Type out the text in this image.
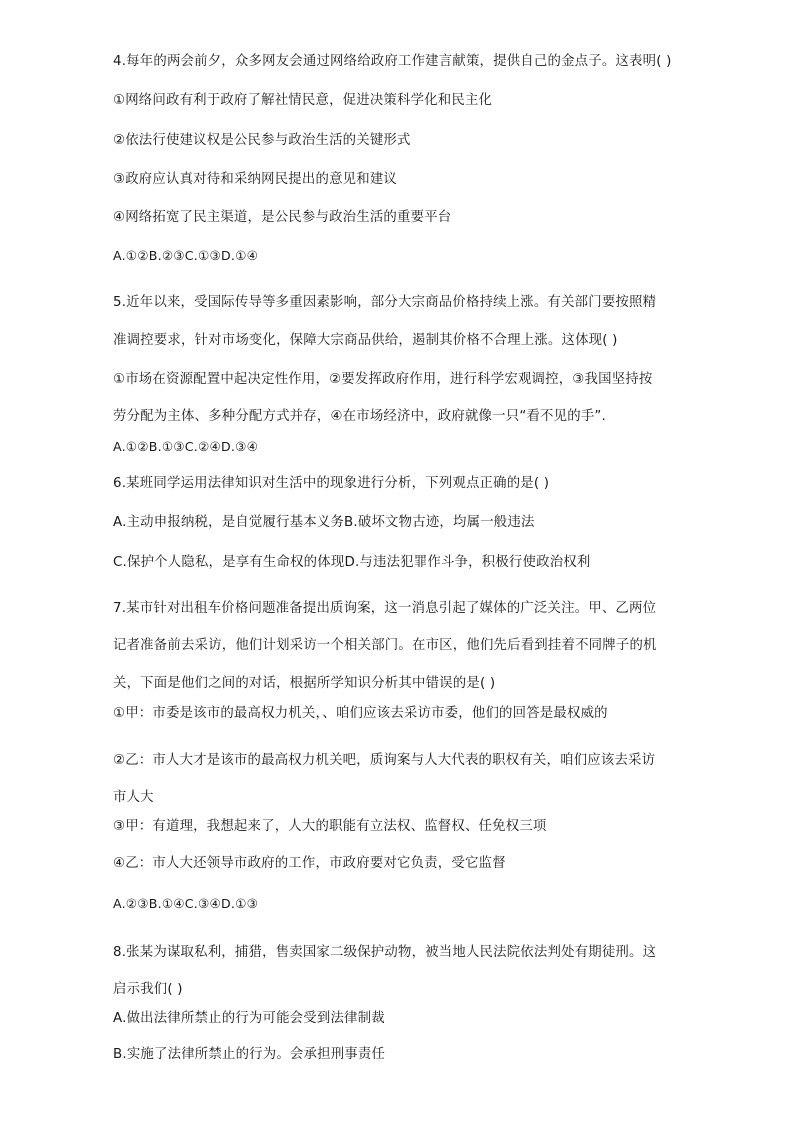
4.每年的两会前夕，众多网友会通过网络给政府工作建言献策，提供自己的金点子。这表明( )
①网络问政有利于政府了解社情民意，促进决策科学化和民主化
②依法行使建议权是公民参与政治生活的关键形式
③政府应认真对待和采纳网民提出的意见和建议
④网络拓宽了民主渠道，是公民参与政治生活的重要平台
A.①②B.②③C.①③D.①④
5.近年以来，受国际传导等多重因素影响，部分大宗商品价格持续上涨。有关部门要按照精
准调控要求，针对市场变化，保障大宗商品供给，遏制其价格不合理上涨。这体现( )
①市场在资源配置中起决定性作用，②要发挥政府作用，进行科学宏观调控，③我国坚持按
劳分配为主体、多种分配方式并存，④在市场经济中，政府就像一只“看不见的手”.
A.①②B.①③C.②④D.③④
6.某班同学运用法律知识对生活中的现象进行分析，下列观点正确的是( )
A.主动申报纳税，是自觉履行基本义务B.破坏文物古迹，均属一般违法
C.保护个人隐私，是享有生命权的体现D.与违法犯罪作斗争，积极行使政治权利
7.某市针对出租车价格问题准备提出质询案，这一消息引起了媒体的广泛关注。甲、乙两位
记者准备前去采访，他们计划采访一个相关部门。在市区，他们先后看到挂着不同牌子的机
关，下面是他们之间的对话，根据所学知识分析其中错误的是( )
①甲：市委是该市的最高权力机关，、咱们应该去采访市委，他们的回答是最权威的
②乙：市人大才是该市的最高权力机关吧，质询案与人大代表的职权有关，咱们应该去采访
市人大
③甲：有道理，我想起来了，人大的职能有立法权、监督权、任免权三项
④乙：市人大还领导市政府的工作，市政府要对它负责，受它监督
A.②③B.①④C.③④D.①③
8.张某为谋取私利，捕猎，售卖国家二级保护动物，被当地人民法院依法判处有期徒刑。这
启示我们( )
A.做出法律所禁止的行为可能会受到法律制裁
B.实施了法律所禁止的行为。会承担刑事责任
